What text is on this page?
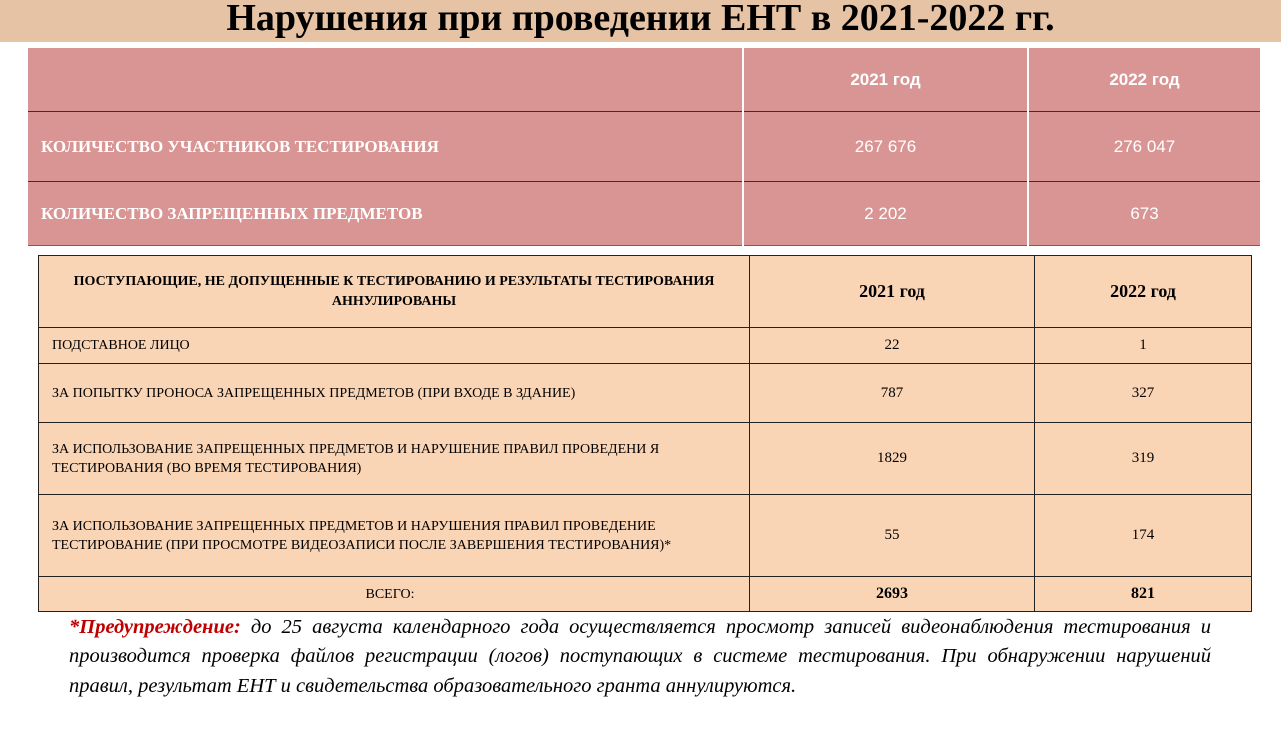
Нарушения при проведении ЕНТ в 2021-2022 гг.
	2021 год	2022 год
КОЛИЧЕСТВО УЧАСТНИКОВ ТЕСТИРОВАНИЯ	267 676	276 047
КОЛИЧЕСТВО ЗАПРЕЩЕННЫХ ПРЕДМЕТОВ	2 202	673
ПОСТУПАЮЩИЕ, НЕ ДОПУЩЕННЫЕ К ТЕСТИРОВАНИЮ И РЕЗУЛЬТАТЫ ТЕСТИРОВАНИЯ АННУЛИРОВАНЫ	2021 год	2022 год
ПОДСТАВНОЕ ЛИЦО	22	1
ЗА ПОПЫТКУ ПРОНОСА ЗАПРЕЩЕННЫХ ПРЕДМЕТОВ (ПРИ ВХОДЕ В ЗДАНИЕ)	787	327
ЗА ИСПОЛЬЗОВАНИЕ ЗАПРЕЩЕННЫХ ПРЕДМЕТОВ И НАРУШЕНИЕ ПРАВИЛ ПРОВЕДЕНИ Я ТЕСТИРОВАНИЯ (ВО ВРЕМЯ ТЕСТИРОВАНИЯ)	1829	319
ЗА ИСПОЛЬЗОВАНИЕ ЗАПРЕЩЕННЫХ ПРЕДМЕТОВ И НАРУШЕНИЯ ПРАВИЛ ПРОВЕДЕНИЕ ТЕСТИРОВАНИЕ (ПРИ ПРОСМОТРЕ ВИДЕОЗАПИСИ ПОСЛЕ ЗАВЕРШЕНИЯ ТЕСТИРОВАНИЯ)*	55	174
ВСЕГО:	2693	821
*Предупреждение: до 25 августа календарного года осуществляется просмотр записей видеонаблюдения тестирования и производится проверка файлов регистрации (логов) поступающих в системе тестирования. При обнаружении нарушений правил, результат ЕНТ и свидетельства образовательного гранта аннулируются.
